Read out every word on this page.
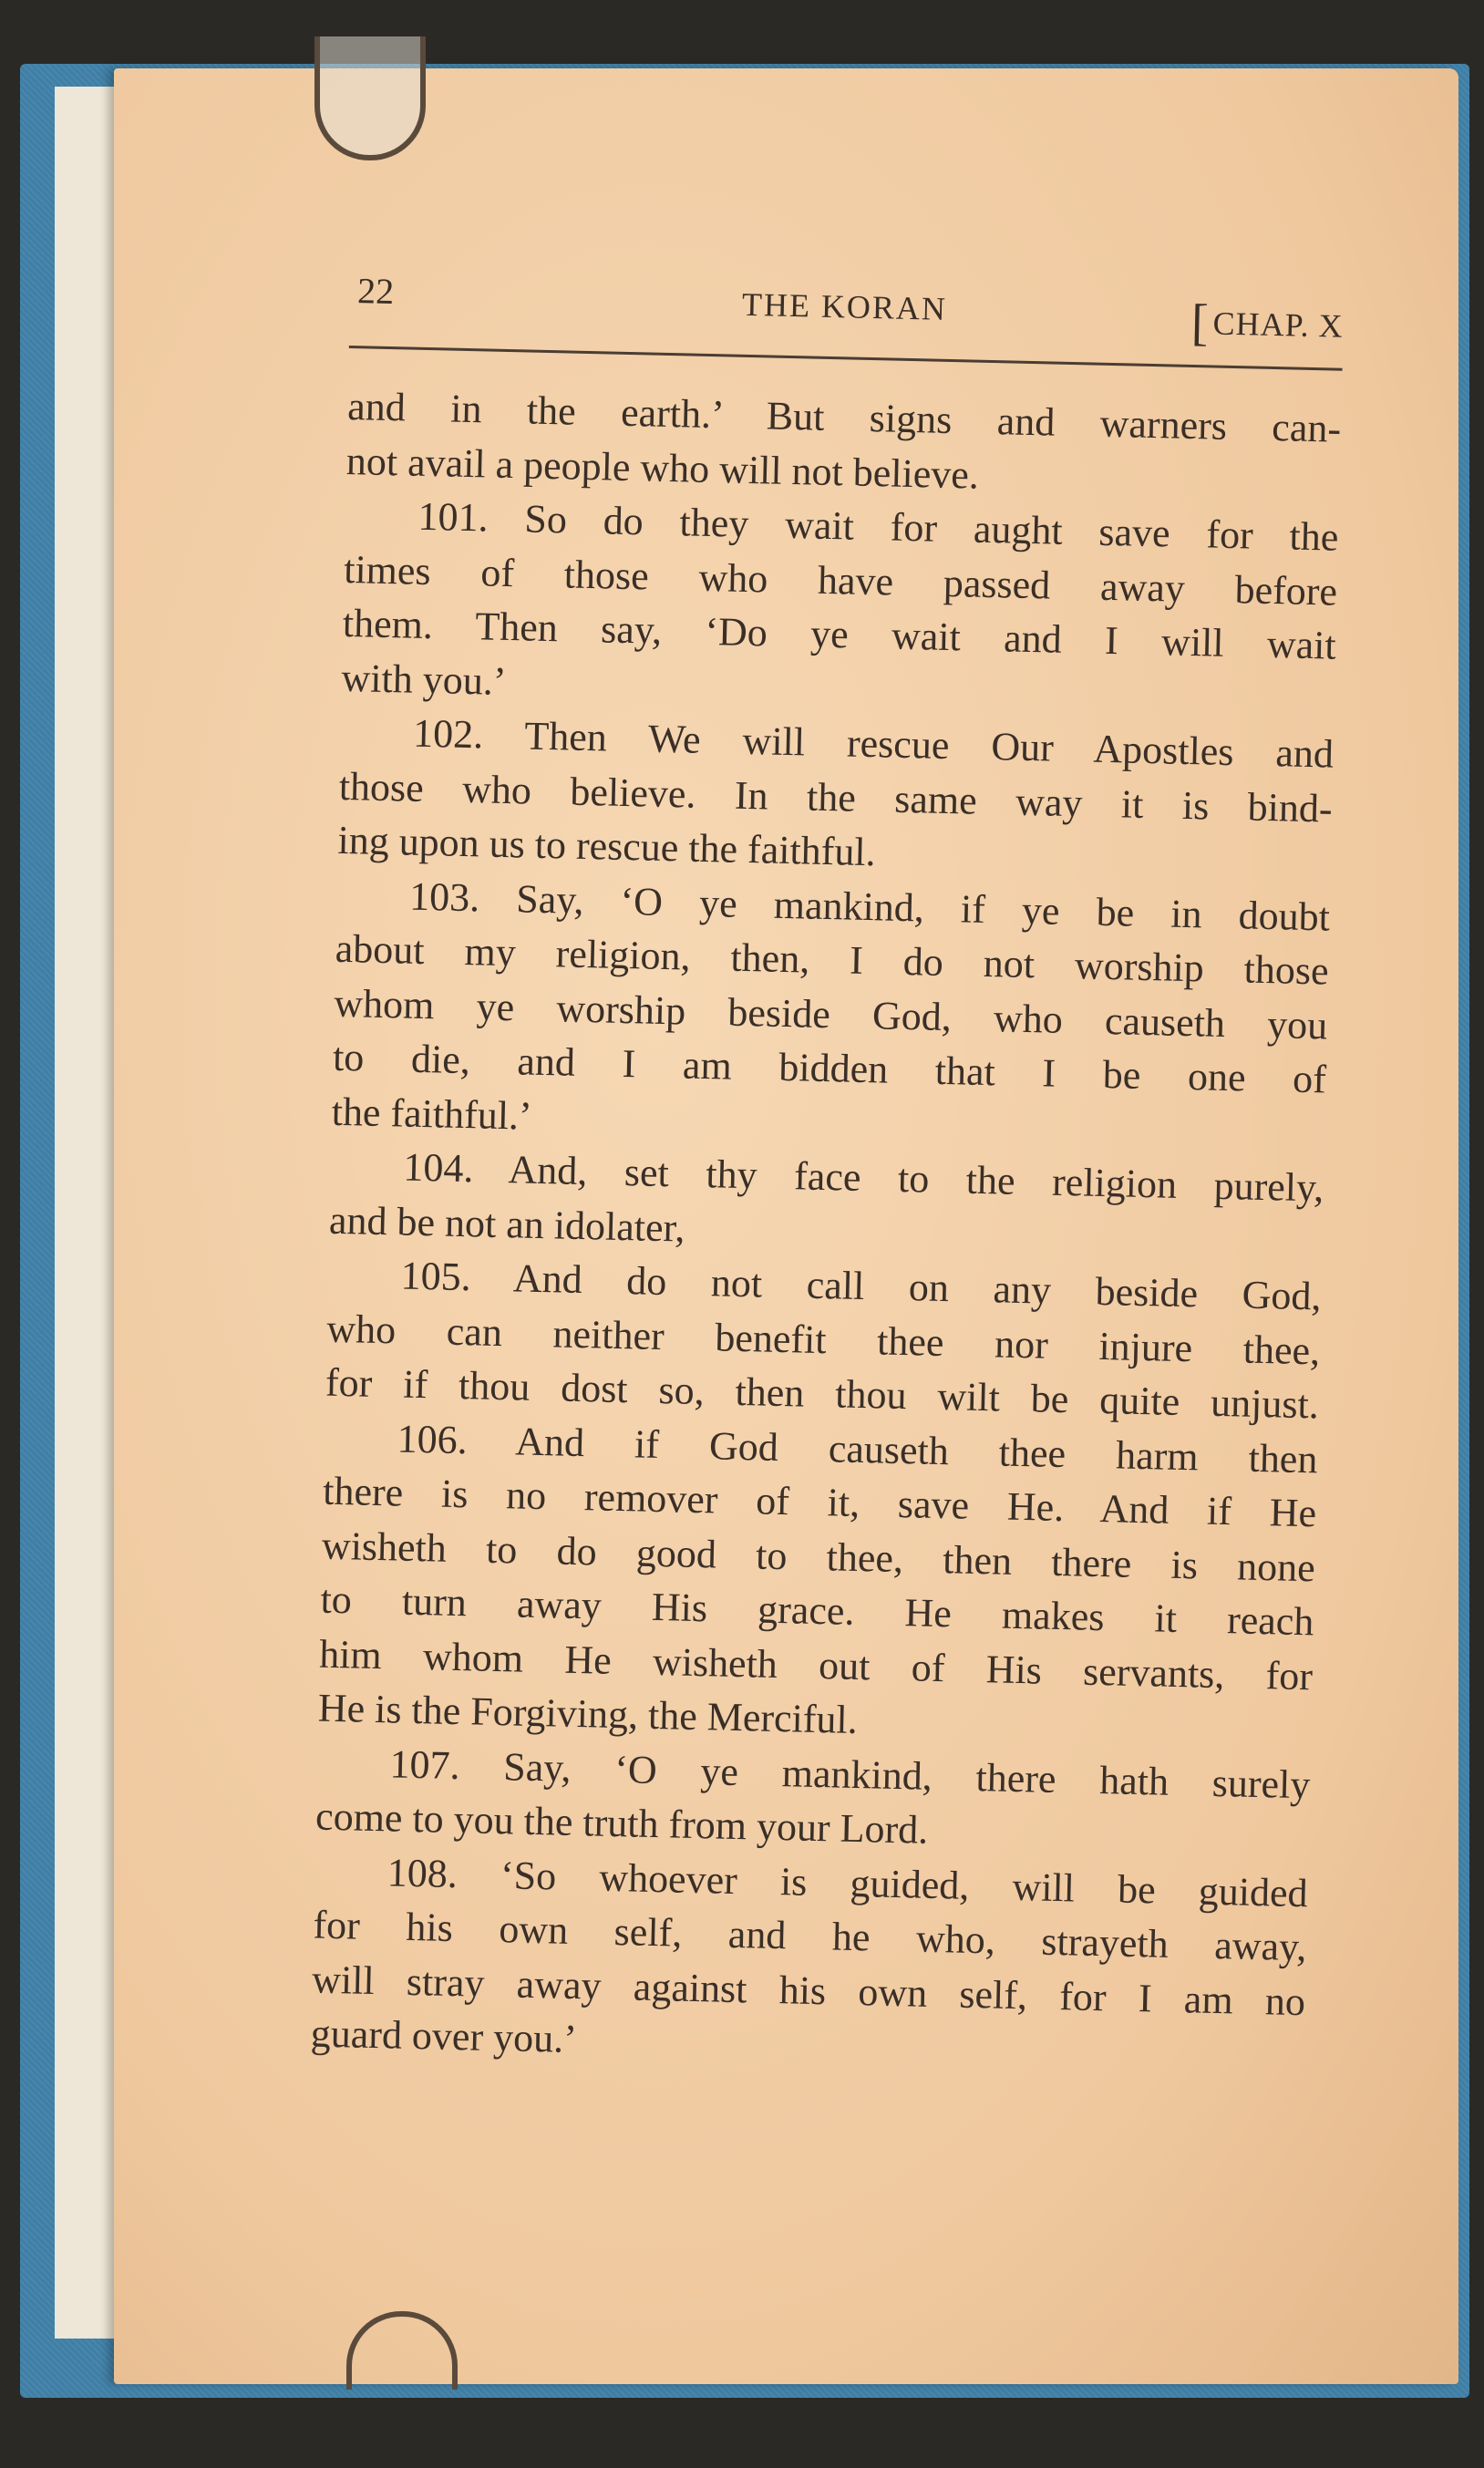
22	THE KORAN	[CHAP. X
and in the earth.’ But signs and warners can-
not avail a people who will not believe.
101. So do they wait for aught save for the
times of those who have passed away before
them. Then say, ‘Do ye wait and I will wait
with you.’
102. Then We will rescue Our Apostles and
those who believe. In the same way it is bind-
ing upon us to rescue the faithful.
103. Say, ‘O ye mankind, if ye be in doubt
about my religion, then, I do not worship those
whom ye worship beside God, who causeth you
to die, and I am bidden that I be one of
the faithful.’
104. And, set thy face to the religion purely,
and be not an idolater,
105. And do not call on any beside God,
who can neither benefit thee nor injure thee,
for if thou dost so, then thou wilt be quite unjust.
106. And if God causeth thee harm then
there is no remover of it, save He. And if He
wisheth to do good to thee, then there is none
to turn away His grace. He makes it reach
him whom He wisheth out of His servants, for
He is the Forgiving, the Merciful.
107. Say, ‘O ye mankind, there hath surely
come to you the truth from your Lord.
108. ‘So whoever is guided, will be guided
for his own self, and he who, strayeth away,
will stray away against his own self, for I am no
guard over you.’
